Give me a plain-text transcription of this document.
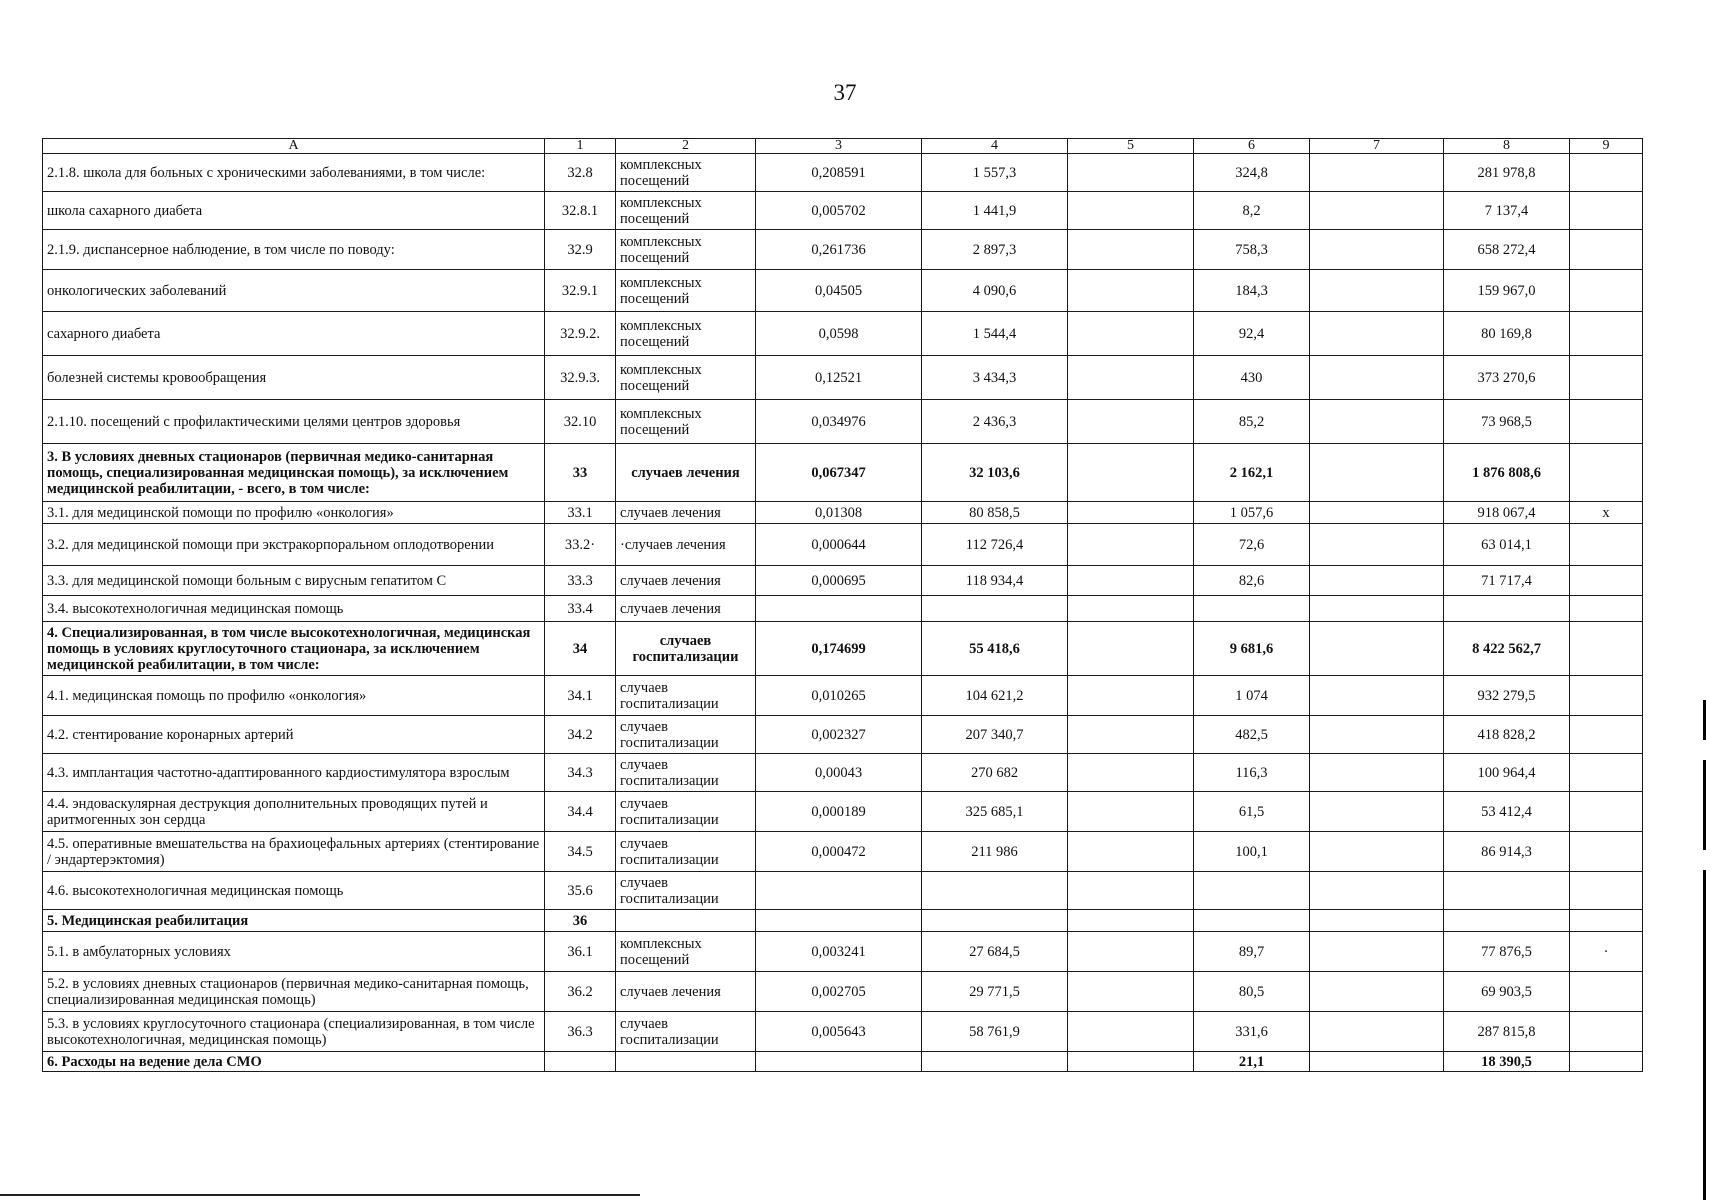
37
А	1	2	3	4	5	6	7	8	9
2.1.8. школа для больных с хроническими заболеваниями, в том числе:	32.8	комплексных посещений	0,208591	1 557,3		324,8		281 978,8	
школа сахарного диабета	32.8.1	комплексных посещений	0,005702	1 441,9		8,2		7 137,4	
2.1.9. диспансерное наблюдение, в том числе по поводу:	32.9	комплексных посещений	0,261736	2 897,3		758,3		658 272,4	
онкологических заболеваний	32.9.1	комплексных посещений	0,04505	4 090,6		184,3		159 967,0	
сахарного диабета	32.9.2.	комплексных посещений	0,0598	1 544,4		92,4		80 169,8	
болезней системы кровообращения	32.9.3.	комплексных посещений	0,12521	3 434,3		430		373 270,6	
2.1.10. посещений с профилактическими целями центров здоровья	32.10	комплексных посещений	0,034976	2 436,3		85,2		73 968,5	
3. В условиях дневных стационаров (первичная медико-санитарная помощь, специализированная медицинская помощь), за исключением медицинской реабилитации, - всего, в том числе:	33	случаев лечения	0,067347	32 103,6		2 162,1		1 876 808,6	
3.1. для медицинской помощи по профилю «онкология»	33.1	случаев лечения	0,01308	80 858,5		1 057,6		918 067,4	х
3.2. для медицинской помощи при экстракорпоральном оплодотворении	33.2·	·случаев лечения	0,000644	112 726,4		72,6		63 014,1	
3.3. для медицинской помощи больным с вирусным гепатитом С	33.3	случаев лечения	0,000695	118 934,4		82,6		71 717,4	
3.4. высокотехнологичная медицинская помощь	33.4	случаев лечения							
4. Специализированная, в том числе высокотехнологичная, медицинская помощь в условиях круглосуточного стационара, за исключением медицинской реабилитации, в том числе:	34	случаев госпитализации	0,174699	55 418,6		9 681,6		8 422 562,7	
4.1. медицинская помощь по профилю «онкология»	34.1	случаев госпитализации	0,010265	104 621,2		1 074		932 279,5	
4.2. стентирование коронарных артерий	34.2	случаев госпитализации	0,002327	207 340,7		482,5		418 828,2	
4.3. имплантация частотно-адаптированного кардиостимулятора взрослым	34.3	случаев госпитализации	0,00043	270 682		116,3		100 964,4	
4.4. эндоваскулярная деструкция дополнительных проводящих путей и аритмогенных зон сердца	34.4	случаев госпитализации	0,000189	325 685,1		61,5		53 412,4	
4.5. оперативные вмешательства на брахиоцефальных артериях (стентирование / эндартерэктомия)	34.5	случаев госпитализации	0,000472	211 986		100,1		86 914,3	
4.6. высокотехнологичная медицинская помощь	35.6	случаев госпитализации							
5. Медицинская реабилитация	36								
5.1. в амбулаторных условиях	36.1	комплексных посещений	0,003241	27 684,5		89,7		77 876,5	·
5.2. в условиях дневных стационаров (первичная медико-санитарная помощь, специализированная медицинская помощь)	36.2	случаев лечения	0,002705	29 771,5		80,5		69 903,5	
5.3. в условиях круглосуточного стационара (специализированная, в том числе высокотехнологичная, медицинская помощь)	36.3	случаев госпитализации	0,005643	58 761,9		331,6		287 815,8	
6. Расходы на ведение дела СМО						21,1		18 390,5	
